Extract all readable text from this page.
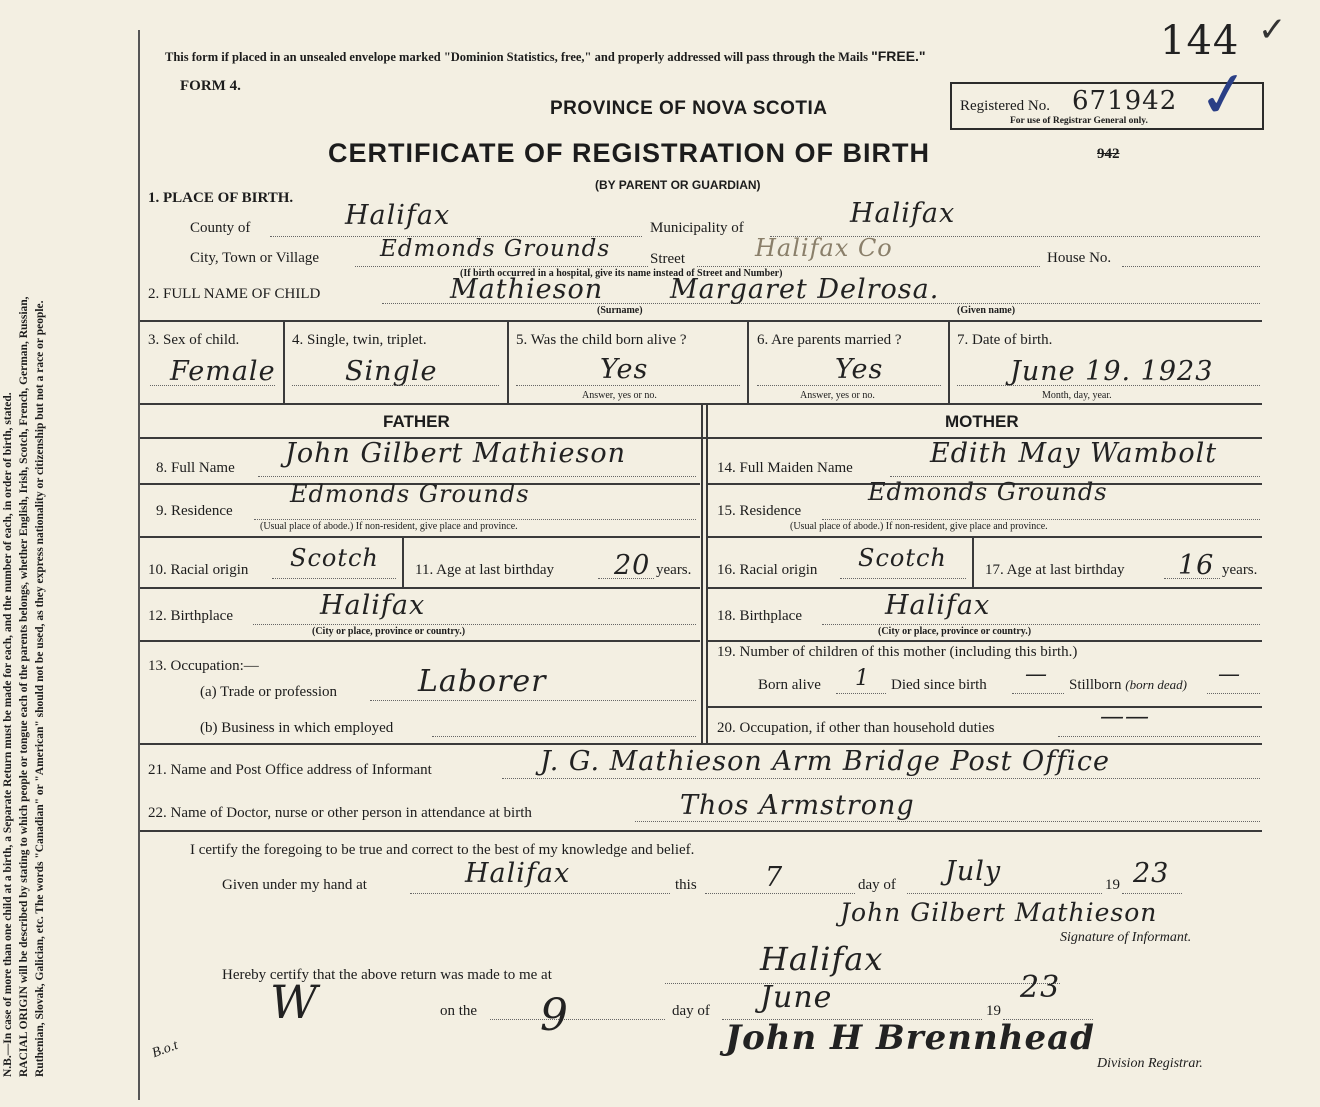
N.B.—In case of more than one child at a birth, a Separate Return must be made for each, and the number of each, in order of birth, stated. RACIAL ORIGIN will be described by stating to which people or tongue each of the parents belongs, whether English, Irish, Scotch, French, German, Russian, Ruthenian, Slovak, Galician, etc. The words "Canadian" or "American" should not be used, as they express nationality or citizenship but not a race or people.	B.o.t
This form if placed in an unsealed envelope marked "Dominion Statistics, free," and properly addressed will pass through the Mails "FREE."
FORM 4.
PROVINCE OF NOVA SCOTIA
CERTIFICATE OF REGISTRATION OF BIRTH
(BY PARENT OR GUARDIAN)
942
Registered No. 671942
For use of Registrar General only.
144
✓
✓
1. PLACE OF BIRTH.
County of	Halifax	Municipality of	Halifax
City, Town or Village	Edmonds Grounds	Street	Halifax Co	House No.
(If birth occurred in a hospital, give its name instead of Street and Number)
2. FULL NAME OF CHILD	Mathieson Margaret Delrosa.
(Surname)	(Given name)
3. Sex of child.
Female
4. Single, twin, triplet.
Single
5. Was the child born alive ?
Yes
Answer, yes or no.
6. Are parents married ?
Yes
Answer, yes or no.
7. Date of birth.
June 19. 1923
Month, day, year.
FATHER	MOTHER
8. Full Name John Gilbert Mathieson	14. Full Maiden Name	Edith May Wambolt
9. Residence
Edmonds Grounds
(Usual place of abode.) If non-resident, give place and province.
15. Residence
Edmonds Grounds
(Usual place of abode.) If non-resident, give place and province.
10. Racial origin Scotch 11. Age at last birthday 20 years. 16. Racial origin Scotch	17. Age at last birthday 16 years.
12. Birthplace	Halifax
(City or place, province or country.)
18. Birthplace	Halifax
(City or place, province or country.)
13. Occupation:—
(a) Trade or profession	Laborer
(b) Business in which employed
19. Number of children of this mother (including this birth.)
Born alive 1 Died since birth — Stillborn (born dead) —
20. Occupation, if other than household duties	——
21. Name and Post Office address of Informant	J. G. Mathieson Arm Bridge Post Office
22. Name of Doctor, nurse or other person in attendance at birth	Thos Armstrong
I certify the foregoing to be true and correct to the best of my knowledge and belief.
Given under my hand at	Halifax	this	7	day of July	19 23
John Gilbert Mathieson
Signature of Informant.
Hereby certify that the above return was made to me at	Halifax
W	on the 9	day of June	19
23
John H Brennhead
Division Registrar.
